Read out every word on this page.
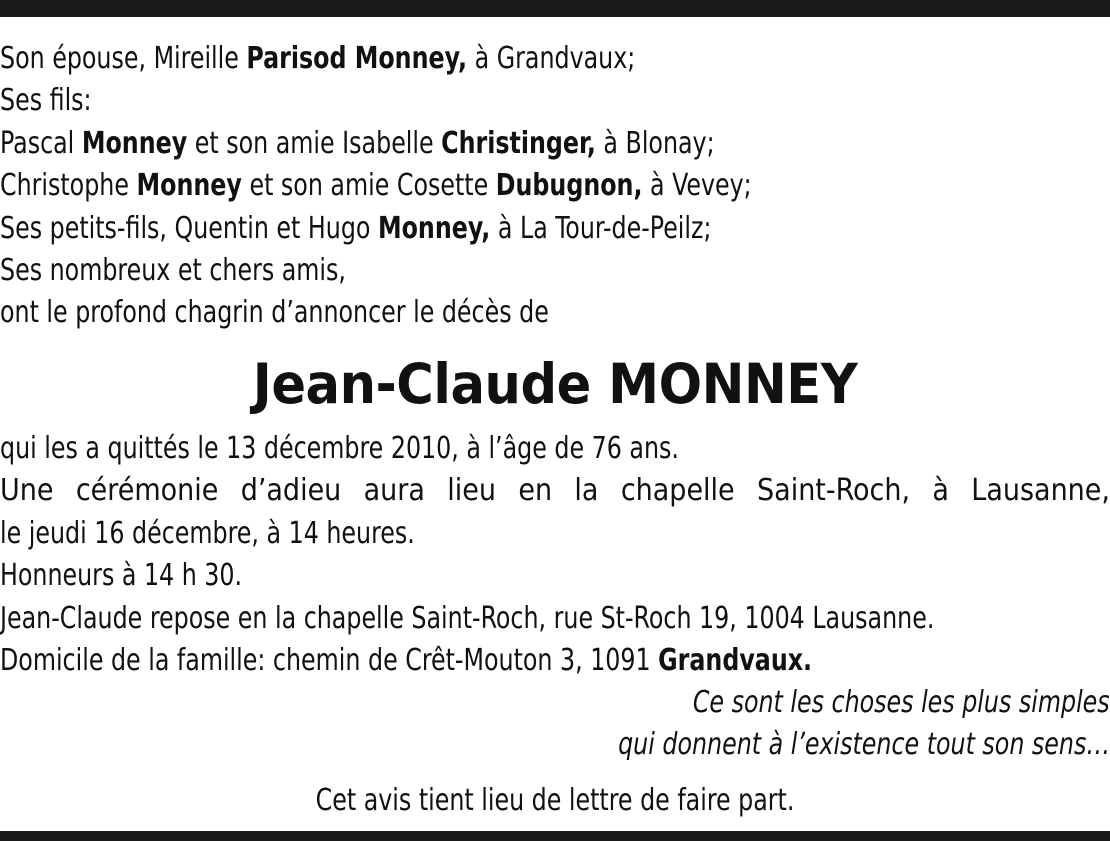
Son épouse, Mireille Parisod Monney, à Grandvaux;
Ses fils:
Pascal Monney et son amie Isabelle Christinger, à Blonay;
Christophe Monney et son amie Cosette Dubugnon, à Vevey;
Ses petits-fils, Quentin et Hugo Monney, à La Tour-de-Peilz;
Ses nombreux et chers amis,
ont le profond chagrin d’annoncer le décès de
Jean-Claude MONNEY
qui les a quittés le 13 décembre 2010, à l’âge de 76 ans.
Une cérémonie d’adieu aura lieu en la chapelle Saint-Roch, à Lausanne,
le jeudi 16 décembre, à 14 heures.
Honneurs à 14 h 30.
Jean-Claude repose en la chapelle Saint-Roch, rue St-Roch 19, 1004 Lausanne.
Domicile de la famille: chemin de Crêt-Mouton 3, 1091 Grandvaux.
Ce sont les choses les plus simples
qui donnent à l’existence tout son sens…
Cet avis tient lieu de lettre de faire part.
